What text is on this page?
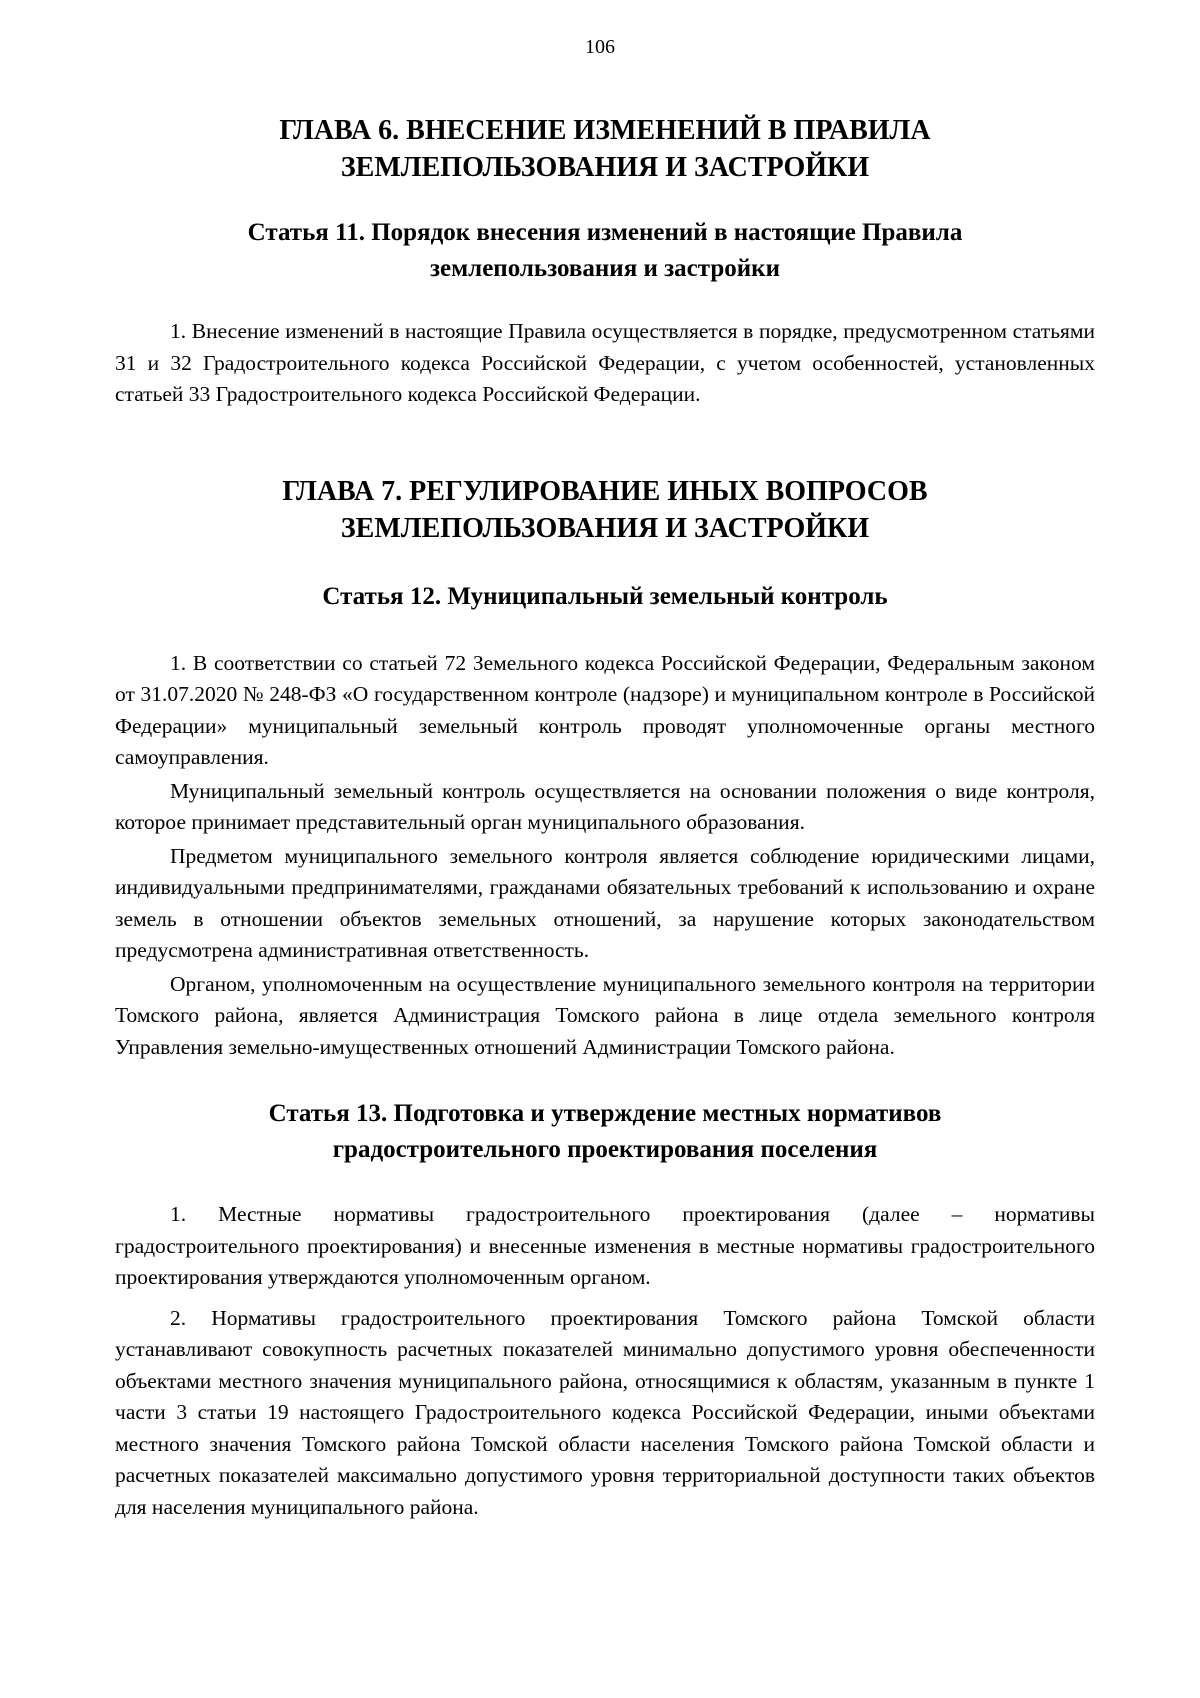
106
ГЛАВА 6. ВНЕСЕНИЕ ИЗМЕНЕНИЙ В ПРАВИЛА ЗЕМЛЕПОЛЬЗОВАНИЯ И ЗАСТРОЙКИ
Статья 11. Порядок внесения изменений в настоящие Правила
землепользования и застройки

1. Внесение изменений в настоящие Правила осуществляется в порядке, предусмотренном статьями 31 и 32 Градостроительного кодекса Российской Федерации, с учетом особенностей, установленных статьей 33 Градостроительного кодекса Российской Федерации.

ГЛАВА 7. РЕГУЛИРОВАНИЕ ИНЫХ ВОПРОСОВ ЗЕМЛЕПОЛЬЗОВАНИЯ И ЗАСТРОЙКИ
Статья 12. Муниципальный земельный контроль

1. В соответствии со статьей 72 Земельного кодекса Российской Федерации, Федеральным законом от 31.07.2020 № 248-ФЗ «О государственном контроле (надзоре) и муниципальном контроле в Российской Федерации» муниципальный земельный контроль проводят уполномоченные органы местного самоуправления.

Муниципальный земельный контроль осуществляется на основании положения о виде контроля, которое принимает представительный орган муниципального образования.

Предметом муниципального земельного контроля является соблюдение юридическими лицами, индивидуальными предпринимателями, гражданами обязательных требований к использованию и охране земель в отношении объектов земельных отношений, за нарушение которых законодательством предусмотрена административная ответственность.

Органом, уполномоченным на осуществление муниципального земельного контроля на территории Томского района, является Администрация Томского района в лице отдела земельного контроля Управления земельно-имущественных отношений Администрации Томского района.

Статья 13. Подготовка и утверждение местных нормативов
градостроительного проектирования поселения

1. Местные нормативы градостроительного проектирования (далее – нормативы градостроительного проектирования) и внесенные изменения в местные нормативы градостроительного проектирования утверждаются уполномоченным органом.

2. Нормативы градостроительного проектирования Томского района Томской области устанавливают совокупность расчетных показателей минимально допустимого уровня обеспеченности объектами местного значения муниципального района, относящимися к областям, указанным в пункте 1 части 3 статьи 19 настоящего Градостроительного кодекса Российской Федерации, иными объектами местного значения Томского района Томской области населения Томского района Томской области и расчетных показателей максимально допустимого уровня территориальной доступности таких объектов для населения муниципального района.
